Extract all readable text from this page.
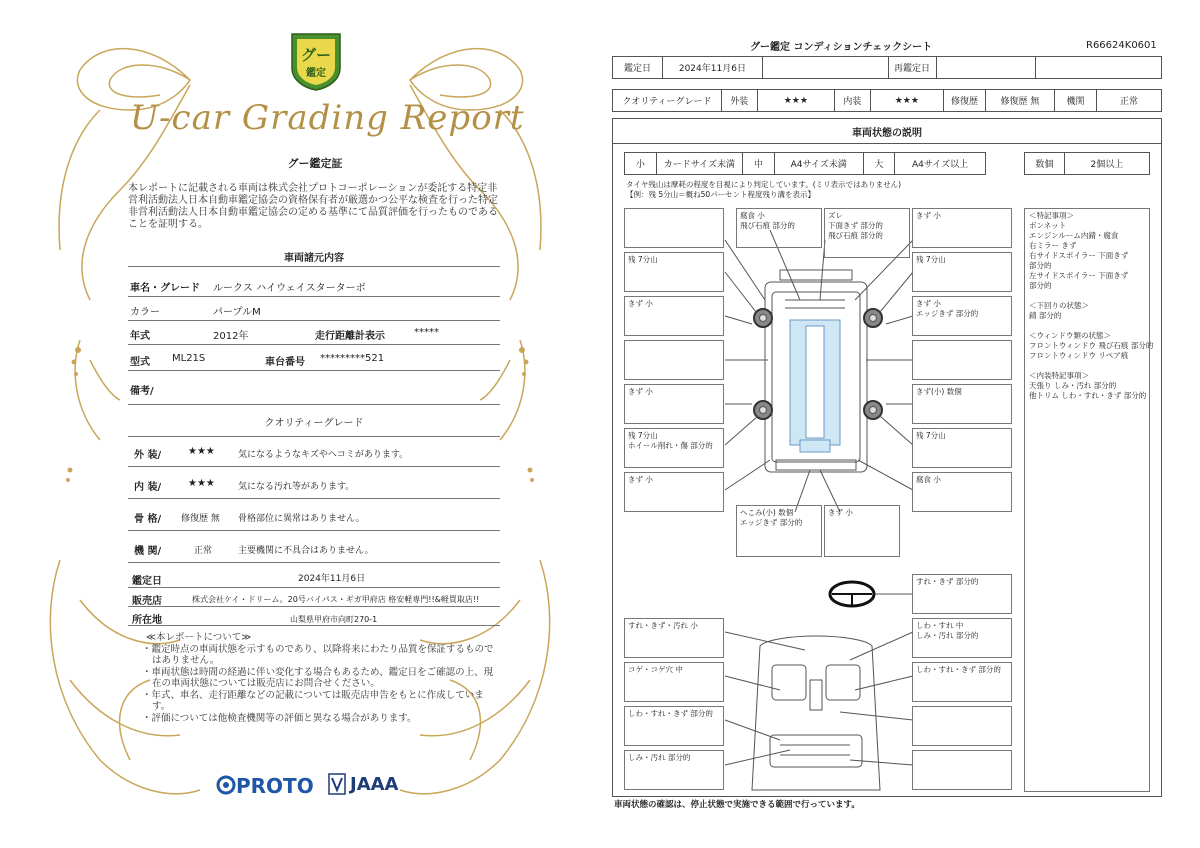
グー
鑑定
U-car Grading Report
グー鑑定証
本レポートに記載される車両は株式会社プロトコーポレーションが委託する特定非営利活動法人日本自動車鑑定協会の資格保有者が厳選かつ公平な検査を行った特定非営利活動法人日本自動車鑑定協会の定める基準にて品質評価を行ったものであることを証明する。
車両諸元内容
車名・グレード ルークス ハイウェイスターターボ
カラー	パープルM
年式	2012年	走行距離計表示	*****
型式 ML21S	車台番号 *********521
備考/
クオリティーグレード
外 装/	★★★	気になるようなキズやヘコミがあります。
内 装/	★★★	気になる汚れ等があります。
骨 格/ 修復歴 無 骨格部位に異常はありません。
機 関/	正常	主要機関に不具合はありません。
鑑定日	2024年11月6日
販売店	株式会社ケイ・ドリーム。20号バイパス・ギガ甲府店 格安軽専門!!&軽買取店!!
所在地	山梨県甲府市向町270-1
≪本レポートについて≫
・鑑定時点の車両状態を示すものであり、以降将来にわたり品質を保証するものではありません。
・車両状態は時間の経過に伴い変化する場合もあるため、鑑定日をご確認の上、現在の車両状態については販売店にお問合せください。
・年式、車名、走行距離などの記載については販売店申告をもとに作成しています。
・評価については他検査機関等の評価と異なる場合があります。
PROTO JAAA
グー鑑定 コンディションチェックシート	R66624K0601
鑑定日	2024年11月6日		再鑑定日		
クオリティーグレード	外装	★★★	内装	★★★	修復歴	修復歴 無	機関	正常
車両状態の説明
小	カードサイズ未満	中	A4サイズ未満	大	A4サイズ以上	数個	2個以上
タイヤ残山は摩耗の程度を目視により判定しています。(ミリ表示ではありません)
【例：残 5分山＝概ね50パーセント程度残り溝を表示】
腐食 小
飛び石痕 部分的
ズレ
下面きず 部分的
飛び石痕 部分的
きず 小
残 7分山	残 7分山
きず 小	きず 小
エッジきず 部分的
きず 小	きず(小) 数個
残 7分山
ホイール削れ・傷 部分的
残 7分山
きず 小	腐食 小
へこみ(小) 数個
エッジきず 部分的
きず 小
すれ・きず 部分的
すれ・きず・汚れ 小	しわ・すれ 中
しみ・汚れ 部分的
コゲ・コゲ穴 中	しわ・すれ・きず 部分的
しわ・すれ・きず 部分的
しみ・汚れ 部分的
＜特記事項＞
ボンネット
エンジンルーム内錆・腐食
右ミラー きず
右サイドスポイラー 下面きず
部分的
左サイドスポイラー 下面きず
部分的
＜下回りの状態＞
錆 部分的
＜ウィンドウ類の状態＞
フロントウィンドウ 飛び石痕 部分的
フロントウィンドウ リペア痕
＜内装特記事項＞
天張り しみ・汚れ 部分的
他トリム しわ・すれ・きず 部分的
車両状態の確認は、停止状態で実施できる範囲で行っています。
